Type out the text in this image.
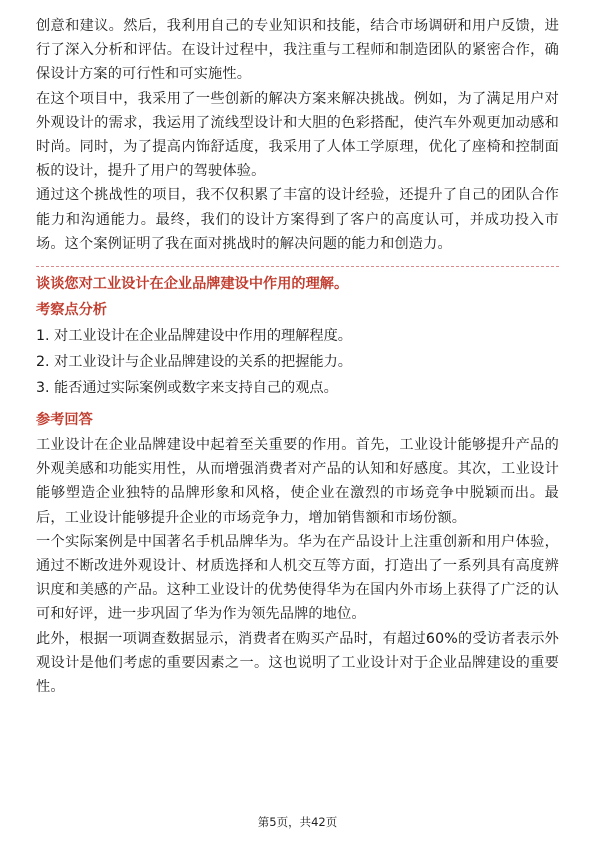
创意和建议。然后，我利用自己的专业知识和技能，结合市场调研和用户反馈，进行了深入分析和评估。在设计过程中，我注重与工程师和制造团队的紧密合作，确保设计方案的可行性和可实施性。

在这个项目中，我采用了一些创新的解决方案来解决挑战。例如，为了满足用户对外观设计的需求，我运用了流线型设计和大胆的色彩搭配，使汽车外观更加动感和时尚。同时，为了提高内饰舒适度，我采用了人体工学原理，优化了座椅和控制面板的设计，提升了用户的驾驶体验。

通过这个挑战性的项目，我不仅积累了丰富的设计经验，还提升了自己的团队合作能力和沟通能力。最终，我们的设计方案得到了客户的高度认可，并成功投入市场。这个案例证明了我在面对挑战时的解决问题的能力和创造力。

谈谈您对工业设计在企业品牌建设中作用的理解。

考察点分析

1. 对工业设计在企业品牌建设中作用的理解程度。

2. 对工业设计与企业品牌建设的关系的把握能力。

3. 能否通过实际案例或数字来支持自己的观点。

参考回答

工业设计在企业品牌建设中起着至关重要的作用。首先，工业设计能够提升产品的外观美感和功能实用性，从而增强消费者对产品的认知和好感度。其次，工业设计能够塑造企业独特的品牌形象和风格，使企业在激烈的市场竞争中脱颖而出。最后，工业设计能够提升企业的市场竞争力，增加销售额和市场份额。

一个实际案例是中国著名手机品牌华为。华为在产品设计上注重创新和用户体验，通过不断改进外观设计、材质选择和人机交互等方面，打造出了一系列具有高度辨识度和美感的产品。这种工业设计的优势使得华为在国内外市场上获得了广泛的认可和好评，进一步巩固了华为作为领先品牌的地位。

此外，根据一项调查数据显示，消费者在购买产品时，有超过60%的受访者表示外观设计是他们考虑的重要因素之一。这也说明了工业设计对于企业品牌建设的重要性。

第5页，共42页
